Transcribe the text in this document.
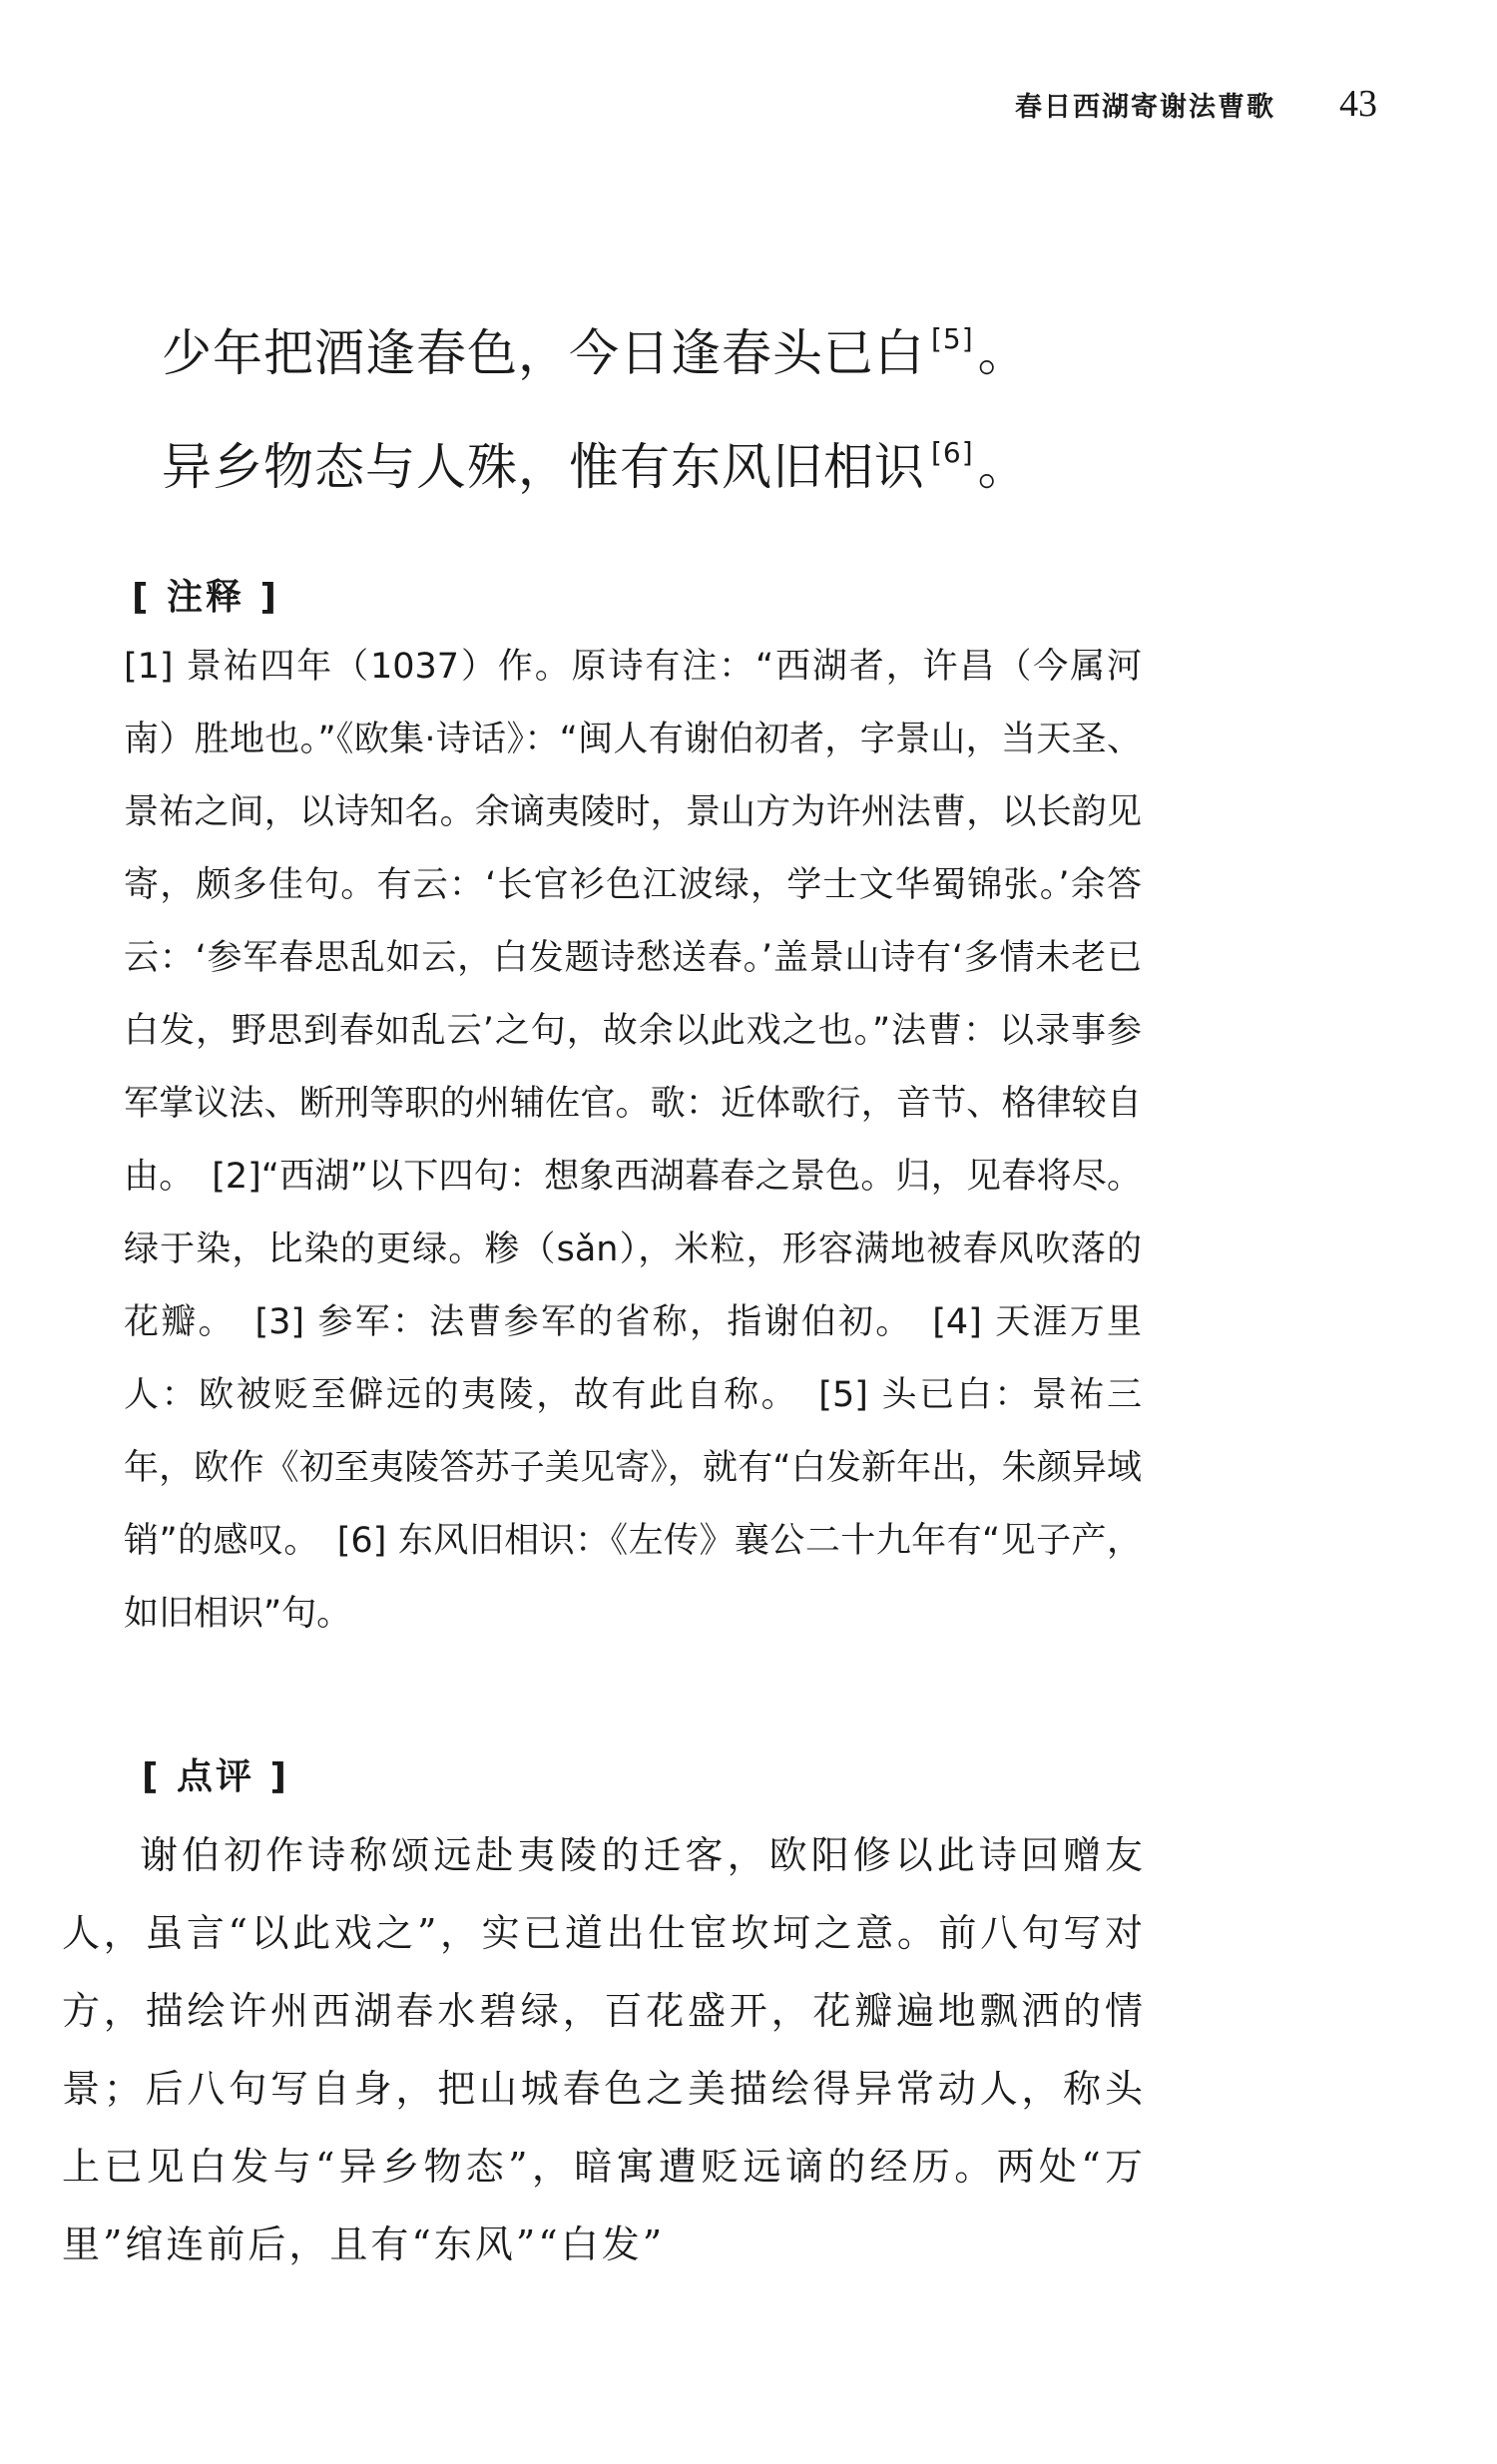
春日西湖寄谢法曹歌 43
少年把酒逢春色，今日逢春头已白 [5]。
异乡物态与人殊，惟有东风旧相识 [6]。
[ 注释 ]

[1] 景祐四年（1037）作。原诗有注：“西湖者，许昌（今属河南）胜地也。”《欧集·诗话》：“闽人有谢伯初者，字景山，当天圣、景祐之间，以诗知名。余谪夷陵时，景山方为许州法曹，以长韵见寄，颇多佳句。有云：‘长官衫色江波绿，学士文华蜀锦张。’余答云：‘参军春思乱如云，白发题诗愁送春。’盖景山诗有‘多情未老已白发，野思到春如乱云’之句，故余以此戏之也。”法曹：以录事参军掌议法、断刑等职的州辅佐官。歌：近体歌行，音节、格律较自由。　[2]“西湖”以下四句：想象西湖暮春之景色。归，见春将尽。绿于染，比染的更绿。糁（sǎn），米粒，形容满地被春风吹落的花瓣。　[3] 参军：法曹参军的省称，指谢伯初。　[4] 天涯万里人：欧被贬至僻远的夷陵，故有此自称。　[5] 头已白：景祐三年，欧作《初至夷陵答苏子美见寄》，就有“白发新年出，朱颜异域销”的感叹。　[6] 东风旧相识：《左传》襄公二十九年有“见子产，如旧相识”句。

[ 点评 ]

谢伯初作诗称颂远赴夷陵的迁客，欧阳修以此诗回赠友人，虽言“以此戏之”，实已道出仕宦坎坷之意。前八句写对方，描绘许州西湖春水碧绿，百花盛开，花瓣遍地飘洒的情景；后八句写自身，把山城春色之美描绘得异常动人，称头上已见白发与“异乡物态”，暗寓遭贬远谪的经历。两处“万里”绾连前后，且有“东风”“白发”
